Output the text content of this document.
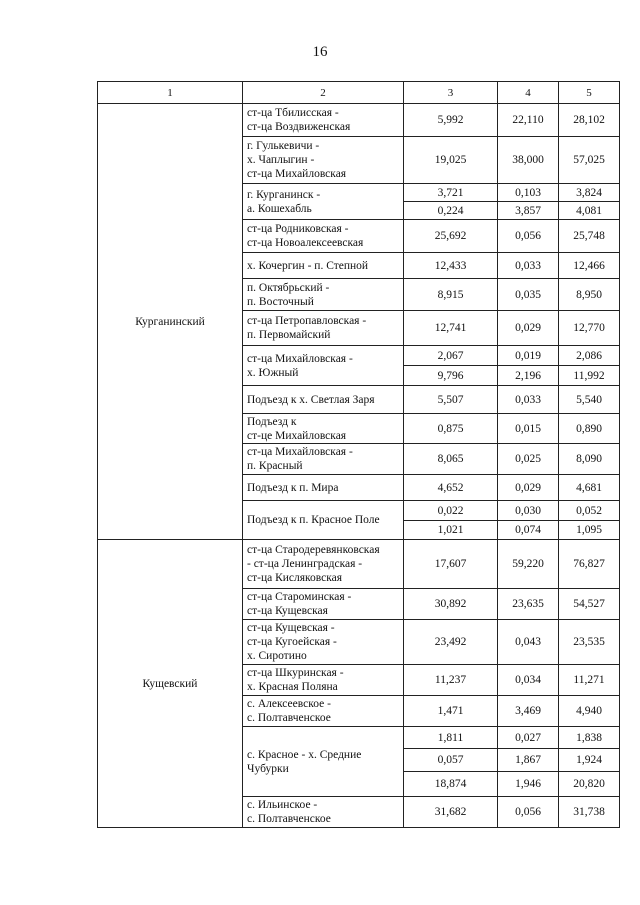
16
1	2	3	4	5
Курганинский	ст-ца Тбилисская -
ст-ца Воздвиженская	5,992	22,110	28,102

	г. Гулькевичи -
х. Чаплыгин -
ст-ца Михайловская	19,025	38,000	57,025

	г. Курганинск -
а. Кошехабль	3,721	0,103	3,824
		0,224	3,857	4,081

	ст-ца Родниковская -
ст-ца Новоалексеевская	25,692	0,056	25,748

	х. Кочергин - п. Степной	12,433	0,033	12,466

	п. Октябрьский -
п. Восточный	8,915	0,035	8,950

	ст-ца Петропавловская -
п. Первомайский	12,741	0,029	12,770

	ст-ца Михайловская -
х. Южный	2,067	0,019	2,086
		9,796	2,196	11,992

	Подъезд к х. Светлая Заря	5,507	0,033	5,540

	Подъезд к
ст-це Михайловская	0,875	0,015	0,890

	ст-ца Михайловская -
п. Красный	8,065	0,025	8,090

	Подъезд к п. Мира	4,652	0,029	4,681

	Подъезд к п. Красное Поле	0,022	0,030	0,052
		1,021	0,074	1,095
Кущевский	ст-ца Стародеревянковская
- ст-ца Ленинградская -
ст-ца Кисляковская	17,607	59,220	76,827

	ст-ца Староминская -
ст-ца Кущевская	30,892	23,635	54,527

	ст-ца Кущевская -
ст-ца Кугоейская -
х. Сиротино	23,492	0,043	23,535

	ст-ца Шкуринская -
х. Красная Поляна	11,237	0,034	11,271

	с. Алексеевское -
с. Полтавченское	1,471	3,469	4,940

	с. Красное - х. Средние
Чубурки	1,811	0,027	1,838
		0,057	1,867	1,924
		18,874	1,946	20,820

	с. Ильинское -
с. Полтавченское	31,682	0,056	31,738
